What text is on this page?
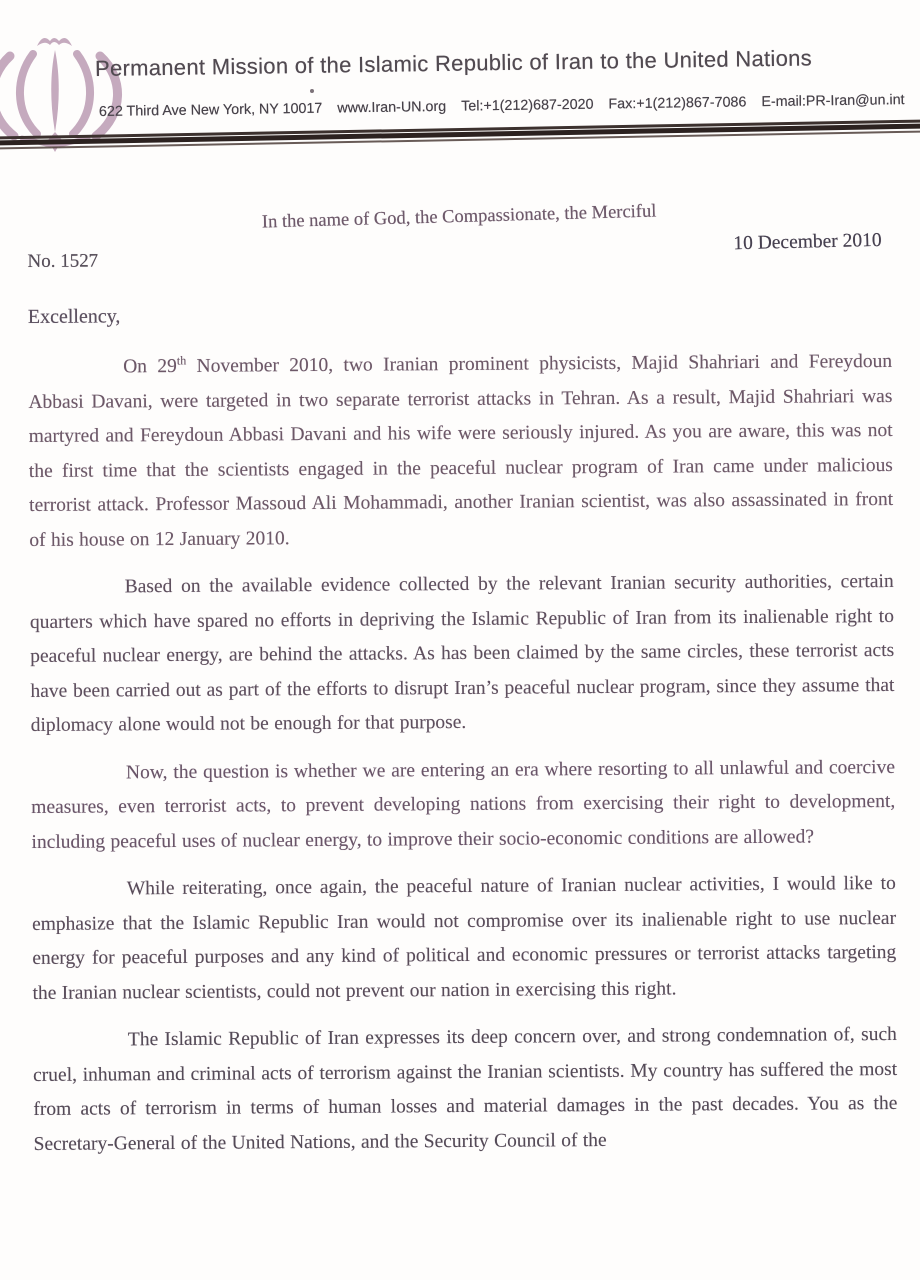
Permanent Mission of the Islamic Republic of Iran to the United Nations
622 Third Ave New York, NY 10017 www.Iran-UN.org Tel:+1(212)687-2020 Fax:+1(212)867-7086 E-mail:PR-Iran@un.int
In the name of God, the Compassionate, the Merciful
No. 1527
10 December 2010
Excellency,

On 29th November 2010, two Iranian prominent physicists, Majid Shahriari and Fereydoun Abbasi Davani, were targeted in two separate terrorist attacks in Tehran. As a result, Majid Shahriari was martyred and Fereydoun Abbasi Davani and his wife were seriously injured. As you are aware, this was not the first time that the scientists engaged in the peaceful nuclear program of Iran came under malicious terrorist attack. Professor Massoud Ali Mohammadi, another Iranian scientist, was also assassinated in front of his house on 12 January 2010.

Based on the available evidence collected by the relevant Iranian security authorities, certain quarters which have spared no efforts in depriving the Islamic Republic of Iran from its inalienable right to peaceful nuclear energy, are behind the attacks. As has been claimed by the same circles, these terrorist acts have been carried out as part of the efforts to disrupt Iran’s peaceful nuclear program, since they assume that diplomacy alone would not be enough for that purpose.

Now, the question is whether we are entering an era where resorting to all unlawful and coercive measures, even terrorist acts, to prevent developing nations from exercising their right to development, including peaceful uses of nuclear energy, to improve their socio-economic conditions are allowed?

While reiterating, once again, the peaceful nature of Iranian nuclear activities, I would like to emphasize that the Islamic Republic Iran would not compromise over its inalienable right to use nuclear energy for peaceful purposes and any kind of political and economic pressures or terrorist attacks targeting the Iranian nuclear scientists, could not prevent our nation in exercising this right.

The Islamic Republic of Iran expresses its deep concern over, and strong condemnation of, such cruel, inhuman and criminal acts of terrorism against the Iranian scientists. My country has suffered the most from acts of terrorism in terms of human losses and material damages in the past decades. You as the Secretary-General of the United Nations, and the Security Council of the
